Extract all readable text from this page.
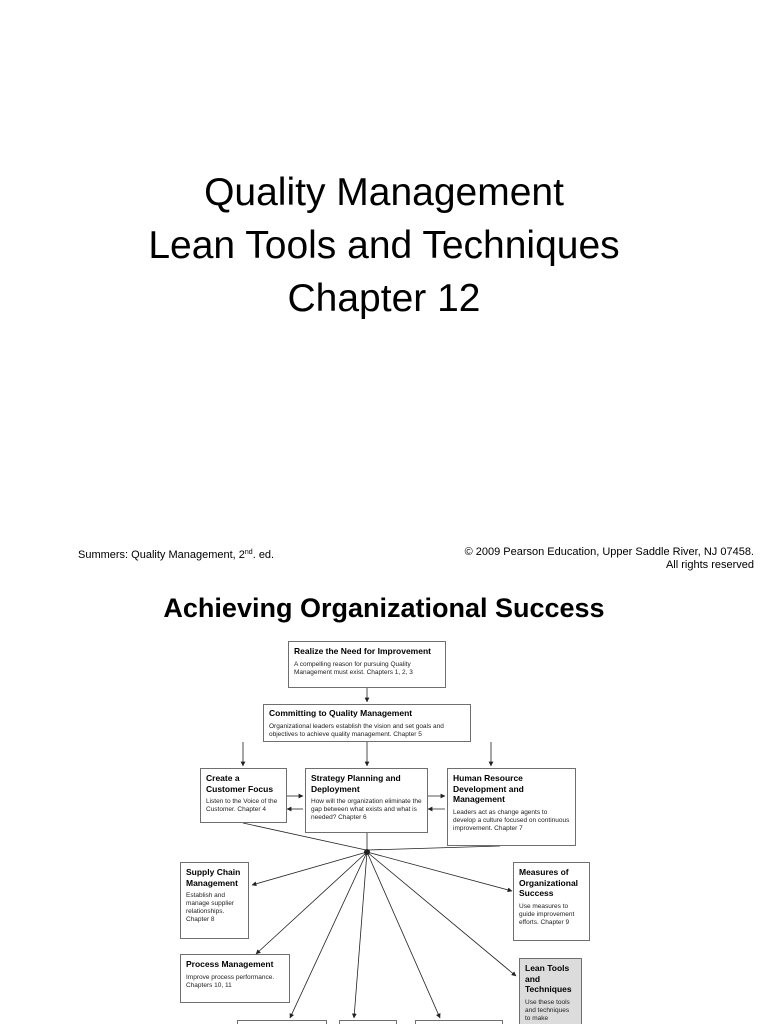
Quality Management
Lean Tools and Techniques
Chapter 12
Summers: Quality Management, 2nd. ed.	© 2009 Pearson Education, Upper Saddle River, NJ 07458.
All rights reserved
Achieving Organizational Success
Realize the Need for Improvement
A compelling reason for pursuing Quality Management must exist. Chapters 1, 2, 3
Committing to Quality Management
Organizational leaders establish the vision and set goals and objectives to achieve quality management. Chapter 5
Create a Customer Focus
Listen to the Voice of the Customer. Chapter 4
Strategy Planning and Deployment
How will the organization eliminate the gap between what exists and what is needed? Chapter 6
Human Resource Development and Management
Leaders act as change agents to develop a culture focused on continuous improvement. Chapter 7
Supply Chain Management
Establish and manage supplier relationships. Chapter 8
Measures of Organizational Success
Use measures to guide improvement efforts. Chapter 9
Process Management
Improve process performance. Chapters 10, 11
Lean Tools and Techniques
Use these tools and techniques to make
